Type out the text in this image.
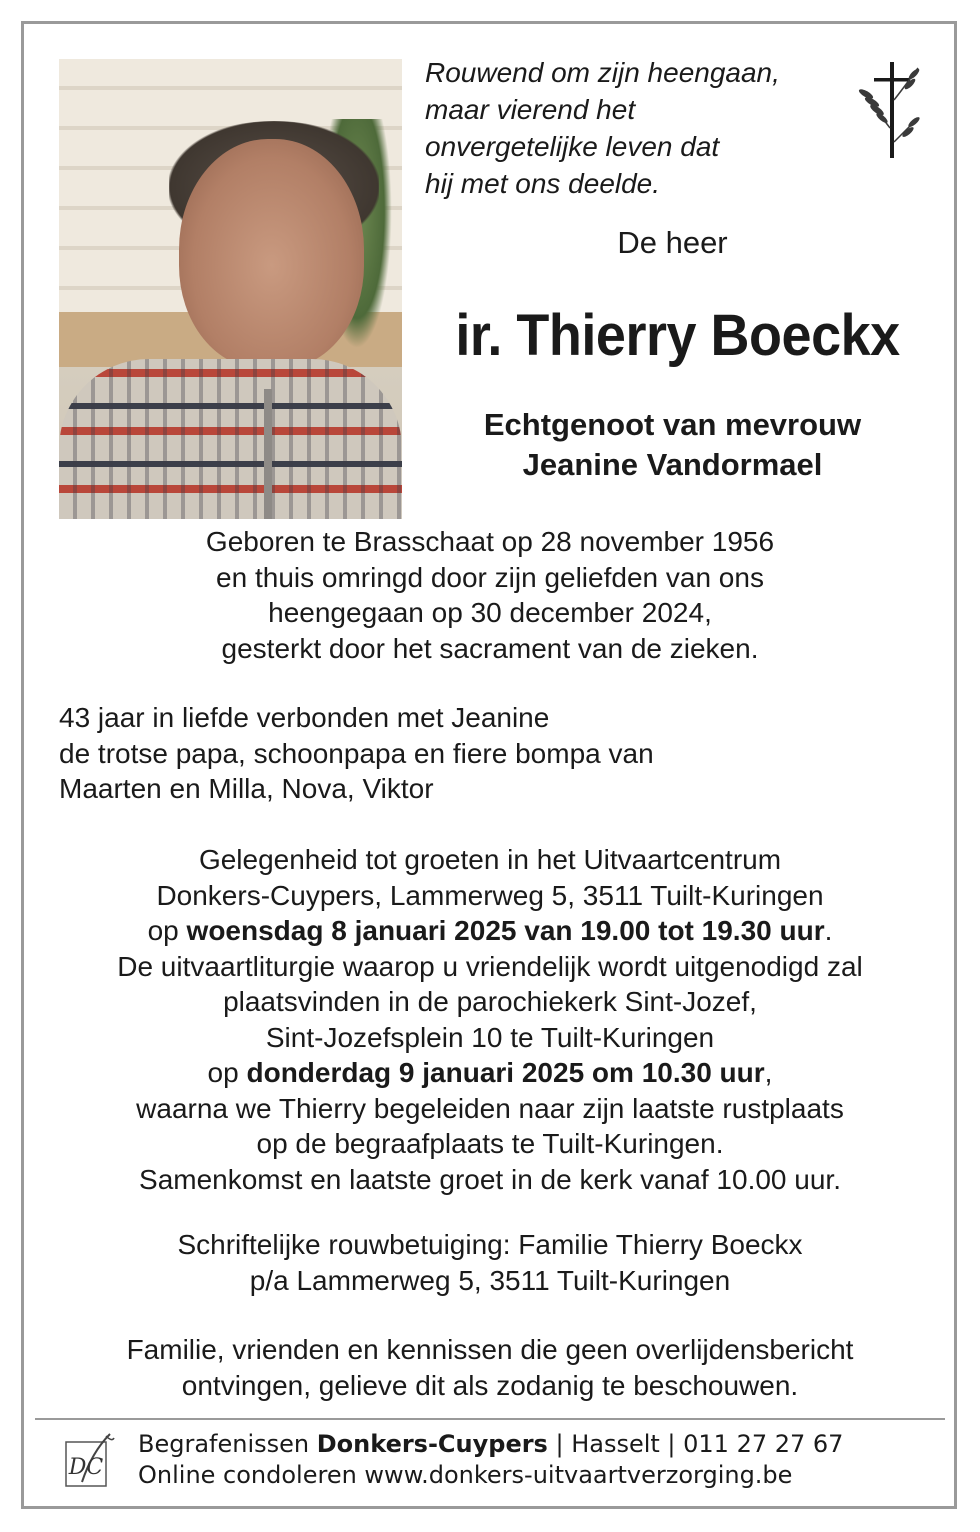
Rouwend om zijn heengaan,
maar vierend het
onvergetelijke leven dat
hij met ons deelde.

De heer
ir. Thierry Boeckx
Echtgenoot van mevrouw
Jeanine Vandormael
Geboren te Brasschaat op 28 november 1956
en thuis omringd door zijn geliefden van ons
heengegaan op 30 december 2024,
gesterkt door het sacrament van de zieken.
43 jaar in liefde verbonden met Jeanine
de trotse papa, schoonpapa en fiere bompa van
Maarten en Milla, Nova, Viktor
Gelegenheid tot groeten in het Uitvaartcentrum
Donkers-Cuypers, Lammerweg 5, 3511 Tuilt-Kuringen
op woensdag 8 januari 2025 van 19.00 tot 19.30 uur.
De uitvaartliturgie waarop u vriendelijk wordt uitgenodigd zal
plaatsvinden in de parochiekerk Sint-Jozef,
Sint-Jozefsplein 10 te Tuilt-Kuringen
op donderdag 9 januari 2025 om 10.30 uur,
waarna we Thierry begeleiden naar zijn laatste rustplaats
op de begraafplaats te Tuilt-Kuringen.
Samenkomst en laatste groet in de kerk vanaf 10.00 uur.
Schriftelijke rouwbetuiging: Familie Thierry Boeckx
p/a Lammerweg 5, 3511 Tuilt-Kuringen
Familie, vrienden en kennissen die geen overlijdensbericht
ontvingen, gelieve dit als zodanig te beschouwen.
DC
Begrafenissen Donkers-Cuypers | Hasselt | 011 27 27 67
Online condoleren www.donkers-uitvaartverzorging.be
